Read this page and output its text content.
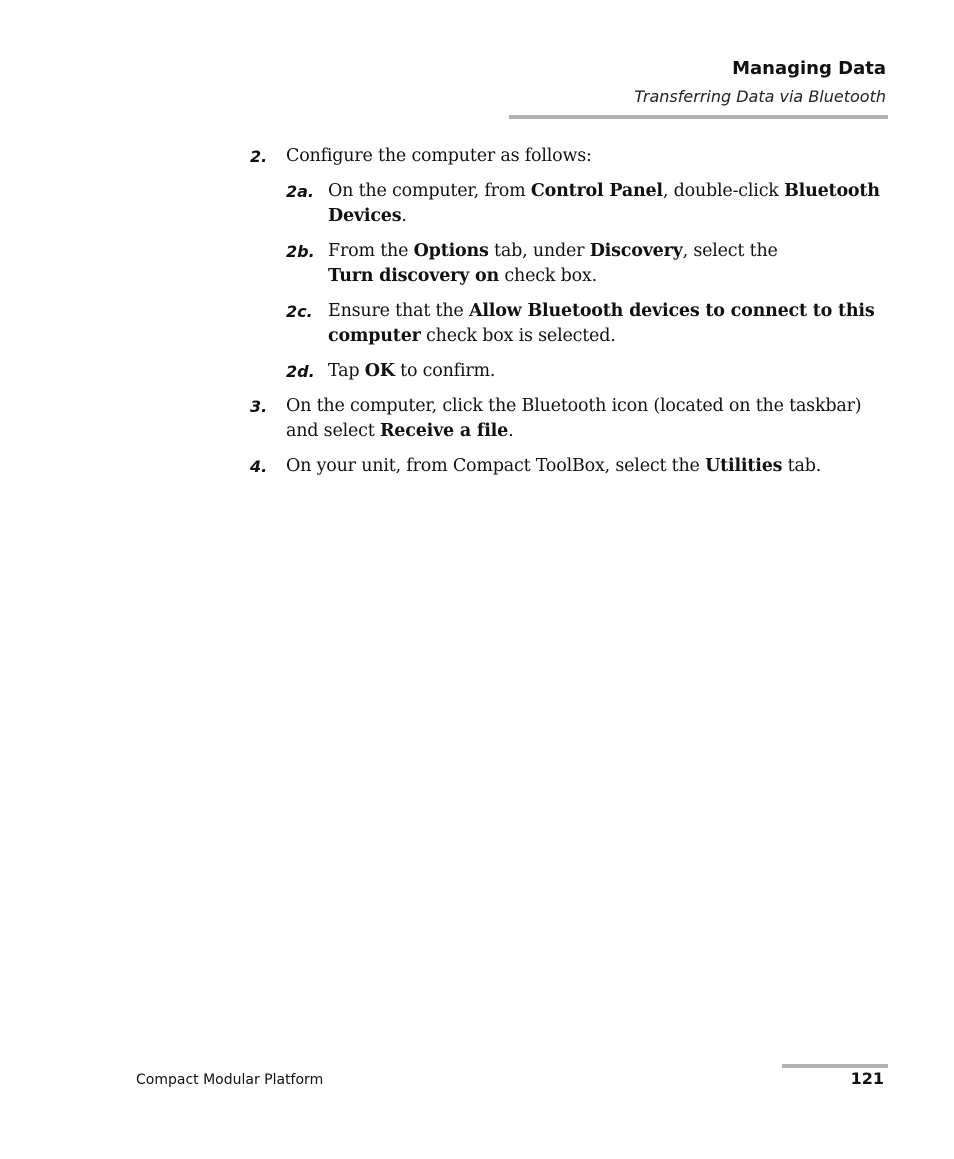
Managing Data
Transferring Data via Bluetooth
2. Configure the computer as follows:
2a. On the computer, from Control Panel, double-click Bluetooth Devices.
2b. From the Options tab, under Discovery, select the
Turn discovery on check box.
2c. Ensure that the Allow Bluetooth devices to connect to this computer check box is selected.
2d. Tap OK to confirm.
3. On the computer, click the Bluetooth icon (located on the taskbar) and select Receive a file.
4. On your unit, from Compact ToolBox, select the Utilities tab.
Compact Modular Platform	121
